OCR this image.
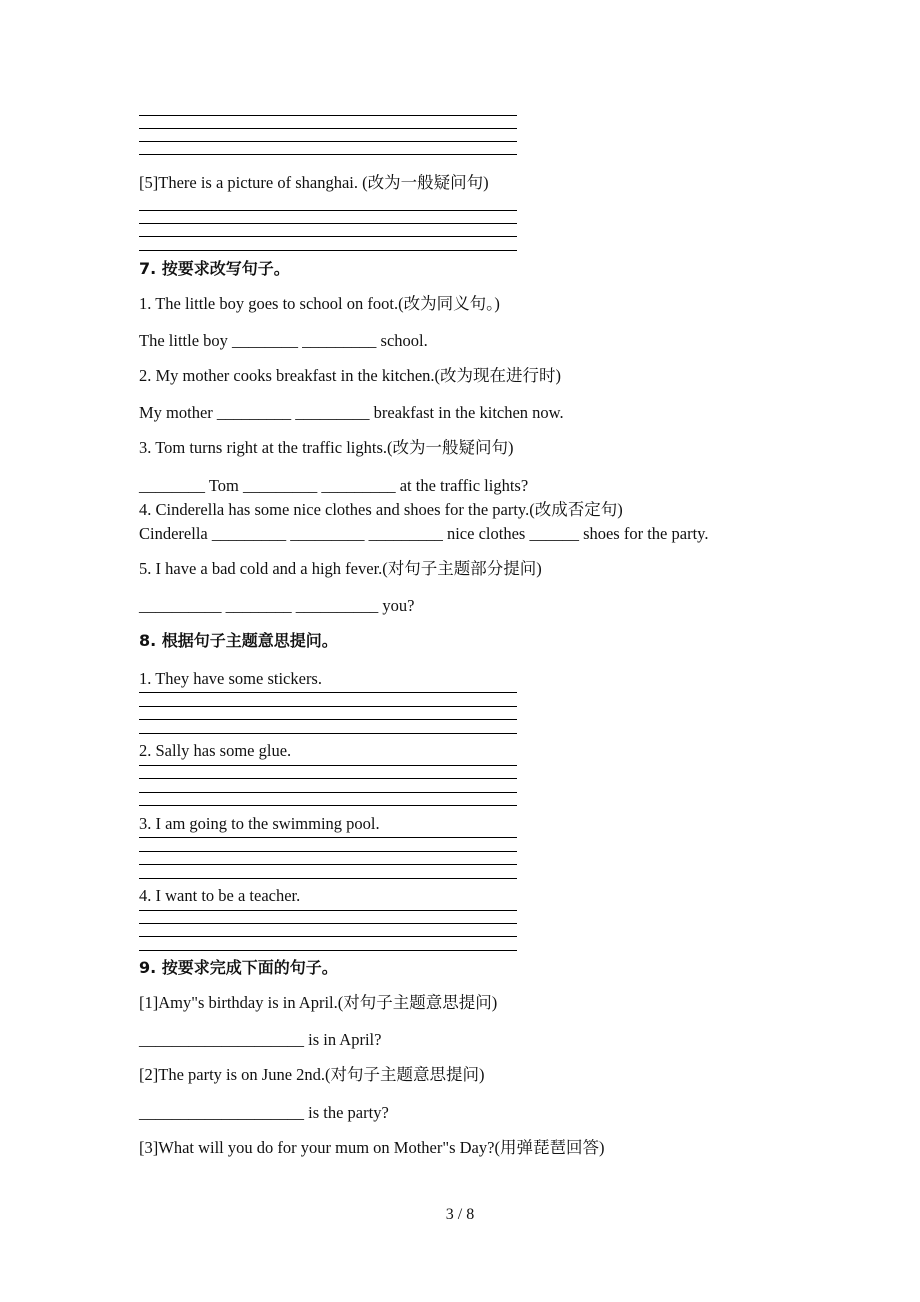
[5]There is a picture of shanghai. (改为一般疑问句)
7. 按要求改写句子。
1. The little boy goes to school on foot.(改为同义句。)
The little boy ________ _________ school.
2. My mother cooks breakfast in the kitchen.(改为现在进行时)
My mother _________ _________ breakfast in the kitchen now.
3. Tom turns right at the traffic lights.(改为一般疑问句)
________ Tom _________ _________ at the traffic lights?
4. Cinderella has some nice clothes and shoes for the party.(改成否定句)
Cinderella _________ _________ _________ nice clothes ______ shoes for the party.
5. I have a bad cold and a high fever.(对句子主题部分提问)
__________ ________ __________ you?
8. 根据句子主题意思提问。
1. They have some stickers.
2. Sally has some glue.
3. I am going to the swimming pool.
4. I want to be a teacher.
9. 按要求完成下面的句子。
[1]Amy"s birthday is in April.(对句子主题意思提问)
____________________ is in April?
[2]The party is on June 2nd.(对句子主题意思提问)
____________________ is the party?
[3]What will you do for your mum on Mother"s Day?(用弹琵琶回答)
3 / 8
